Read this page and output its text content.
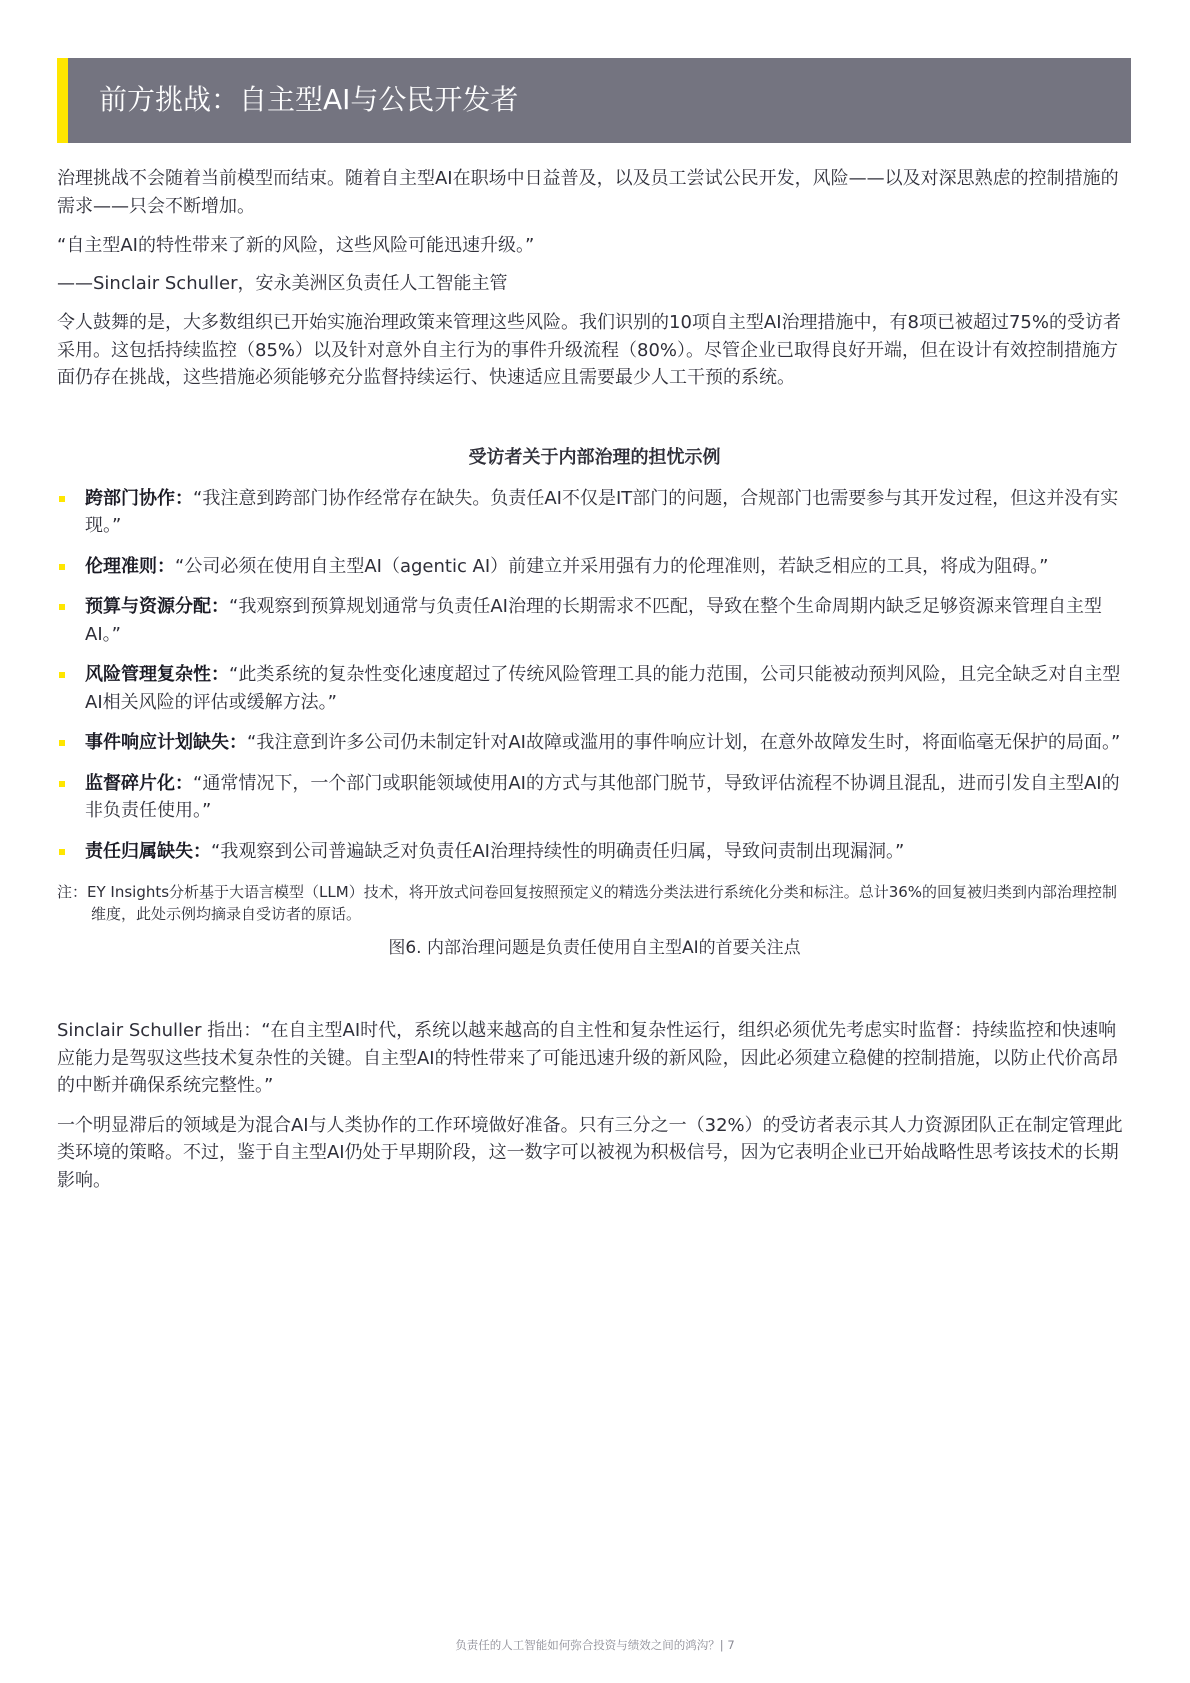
前方挑战：自主型AI与公民开发者

治理挑战不会随着当前模型而结束。随着自主型AI在职场中日益普及，以及员工尝试公民开发，风险——以及对深思熟虑的控制措施的需求——只会不断增加。

“自主型AI的特性带来了新的风险，这些风险可能迅速升级。”

——Sinclair Schuller，安永美洲区负责任人工智能主管

令人鼓舞的是，大多数组织已开始实施治理政策来管理这些风险。我们识别的10项自主型AI治理措施中，有8项已被超过75%的受访者采用。这包括持续监控（85%）以及针对意外自主行为的事件升级流程（80%）。尽管企业已取得良好开端，但在设计有效控制措施方面仍存在挑战，这些措施必须能够充分监督持续运行、快速适应且需要最少人工干预的系统。

受访者关于内部治理的担忧示例
跨部门协作：“我注意到跨部门协作经常存在缺失。负责任AI不仅是IT部门的问题，合规部门也需要参与其开发过程，但这并没有实现。”
伦理准则：“公司必须在使用自主型AI（agentic AI）前建立并采用强有力的伦理准则，若缺乏相应的工具，将成为阻碍。”
预算与资源分配：“我观察到预算规划通常与负责任AI治理的长期需求不匹配，导致在整个生命周期内缺乏足够资源来管理自主型AI。”
风险管理复杂性：“此类系统的复杂性变化速度超过了传统风险管理工具的能力范围，公司只能被动预判风险，且完全缺乏对自主型AI相关风险的评估或缓解方法。”
事件响应计划缺失：“我注意到许多公司仍未制定针对AI故障或滥用的事件响应计划，在意外故障发生时，将面临毫无保护的局面。”
监督碎片化：“通常情况下，一个部门或职能领域使用AI的方式与其他部门脱节，导致评估流程不协调且混乱，进而引发自主型AI的非负责任使用。”
责任归属缺失：“我观察到公司普遍缺乏对负责任AI治理持续性的明确责任归属，导致问责制出现漏洞。”
注：EY Insights分析基于大语言模型（LLM）技术，将开放式问卷回复按照预定义的精选分类法进行系统化分类和标注。总计36%的回复被归类到内部治理控制维度，此处示例均摘录自受访者的原话。
图6. 内部治理问题是负责任使用自主型AI的首要关注点

Sinclair Schuller 指出：“在自主型AI时代，系统以越来越高的自主性和复杂性运行，组织必须优先考虑实时监督：持续监控和快速响应能力是驾驭这些技术复杂性的关键。自主型AI的特性带来了可能迅速升级的新风险，因此必须建立稳健的控制措施，以防止代价高昂的中断并确保系统完整性。”

一个明显滞后的领域是为混合AI与人类协作的工作环境做好准备。只有三分之一（32%）的受访者表示其人力资源团队正在制定管理此类环境的策略。不过，鉴于自主型AI仍处于早期阶段，这一数字可以被视为积极信号，因为它表明企业已开始战略性思考该技术的长期影响。

负责任的人工智能如何弥合投资与绩效之间的鸿沟？| 7
